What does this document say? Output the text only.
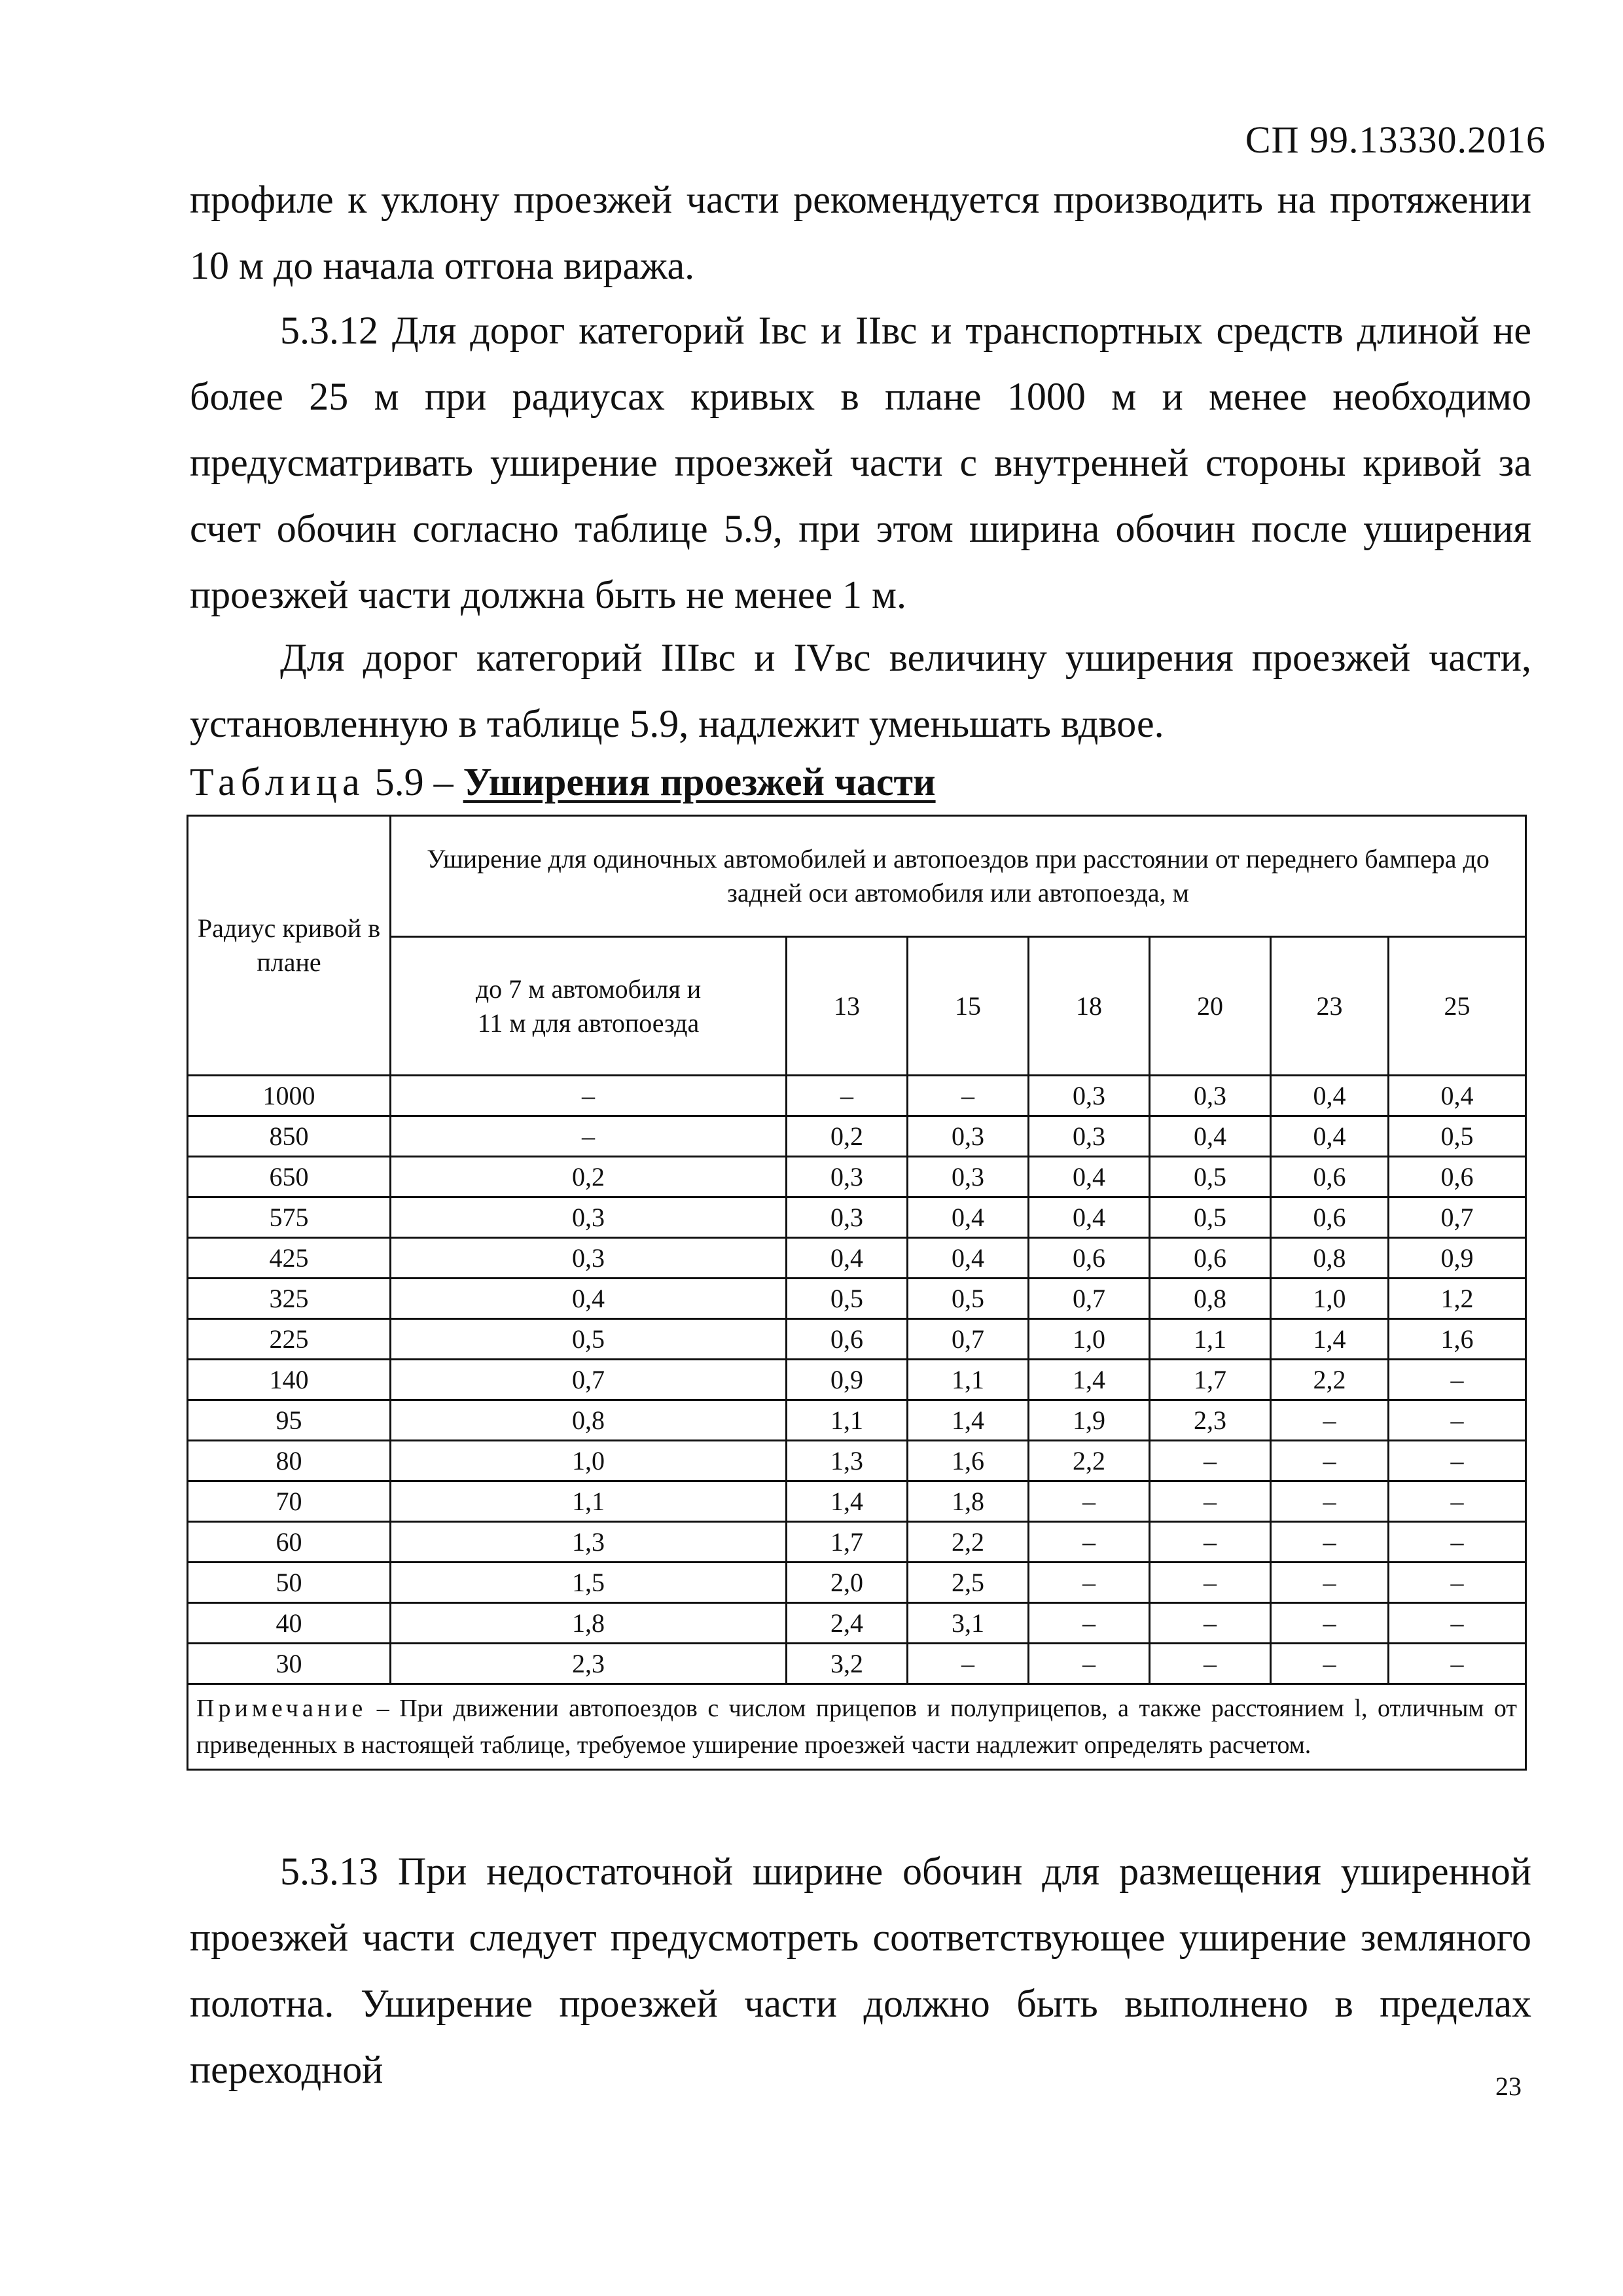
СП 99.13330.2016

профиле к уклону проезжей части рекомендуется производить на протяжении 10 м до начала отгона виража.

5.3.12 Для дорог категорий Iвс и IIвс и транспортных средств длиной не более 25 м при радиусах кривых в плане 1000 м и менее необходимо предусматривать уширение проезжей части с внутренней стороны кривой за счет обочин согласно таблице 5.9, при этом ширина обочин после уширения проезжей части должна быть не менее 1 м.

Для дорог категорий IIIвс и IVвс величину уширения проезжей части, установленную в таблице 5.9, надлежит уменьшать вдвое.

Таблица 5.9 – Уширения проезжей части
Радиус кривой в плане	Уширение для одиночных автомобилей и автопоездов при расстоянии от переднего бампера до задней оси автомобиля или автопоезда, м						
	до 7 м автомобиля и 11 м для автопоезда	13	15	18	20	23	25
1000	–	–	–	0,3	0,3	0,4	0,4
850	–	0,2	0,3	0,3	0,4	0,4	0,5
650	0,2	0,3	0,3	0,4	0,5	0,6	0,6
575	0,3	0,3	0,4	0,4	0,5	0,6	0,7
425	0,3	0,4	0,4	0,6	0,6	0,8	0,9
325	0,4	0,5	0,5	0,7	0,8	1,0	1,2
225	0,5	0,6	0,7	1,0	1,1	1,4	1,6
140	0,7	0,9	1,1	1,4	1,7	2,2	–
95	0,8	1,1	1,4	1,9	2,3	–	–
80	1,0	1,3	1,6	2,2	–	–	–
70	1,1	1,4	1,8	–	–	–	–
60	1,3	1,7	2,2	–	–	–	–
50	1,5	2,0	2,5	–	–	–	–
40	1,8	2,4	3,1	–	–	–	–
30	2,3	3,2	–	–	–	–	–
Примечание – При движении автопоездов с числом прицепов и полуприцепов, а также расстоянием l, отличным от приведенных в настоящей таблице, требуемое уширение проезжей части надлежит определять расчетом.							

5.3.13 При недостаточной ширине обочин для размещения уширенной проезжей части следует предусмотреть соответствующее уширение земляного полотна. Уширение проезжей части должно быть выполнено в пределах переходной	23
